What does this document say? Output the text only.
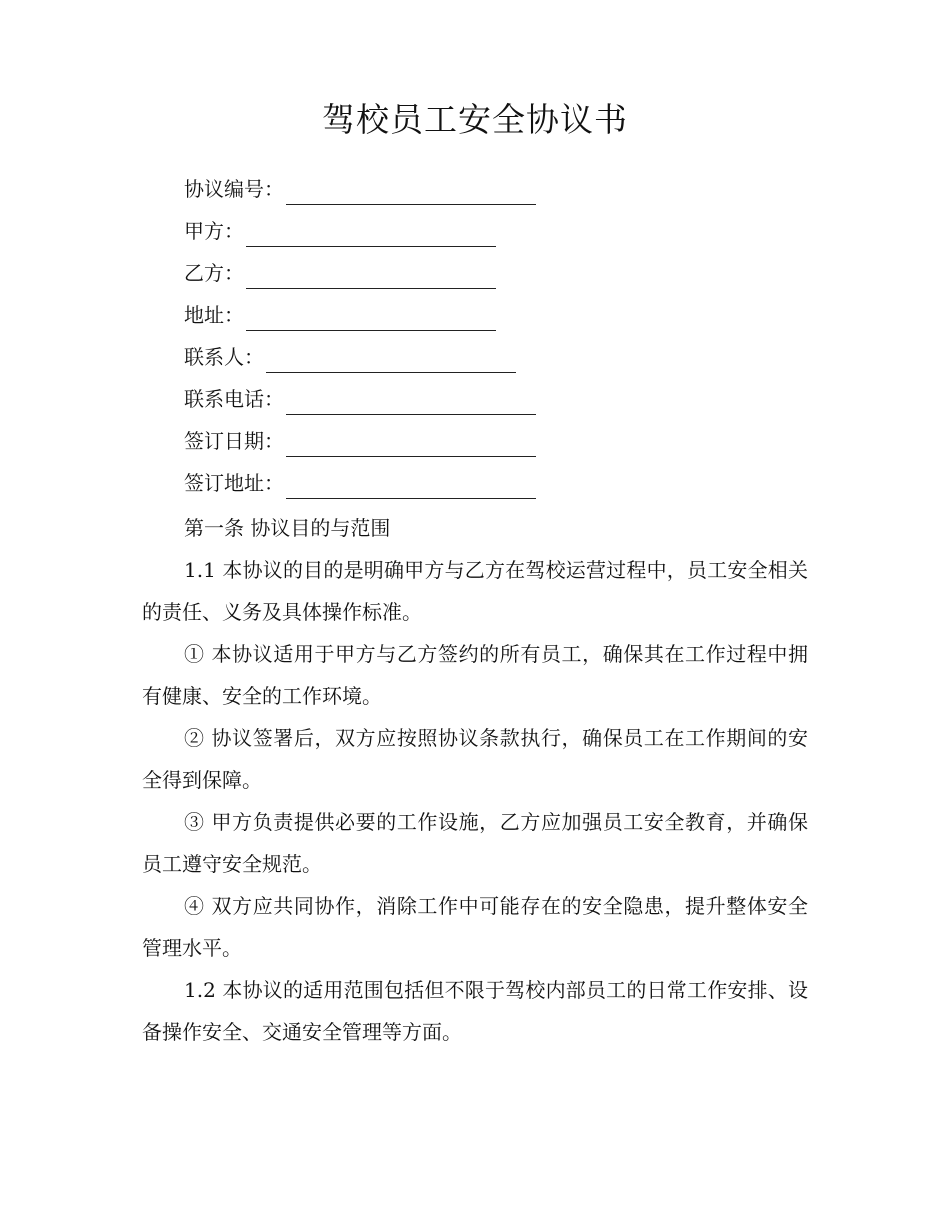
驾校员工安全协议书
协议编号：
甲方：
乙方：
地址：
联系人：
联系电话：
签订日期：
签订地址：

第一条 协议目的与范围

1.1 本协议的目的是明确甲方与乙方在驾校运营过程中，员工安全相关的责任、义务及具体操作标准。

① 本协议适用于甲方与乙方签约的所有员工，确保其在工作过程中拥有健康、安全的工作环境。

② 协议签署后，双方应按照协议条款执行，确保员工在工作期间的安全得到保障。

③ 甲方负责提供必要的工作设施，乙方应加强员工安全教育，并确保员工遵守安全规范。

④ 双方应共同协作，消除工作中可能存在的安全隐患，提升整体安全管理水平。

1.2 本协议的适用范围包括但不限于驾校内部员工的日常工作安排、设备操作安全、交通安全管理等方面。
